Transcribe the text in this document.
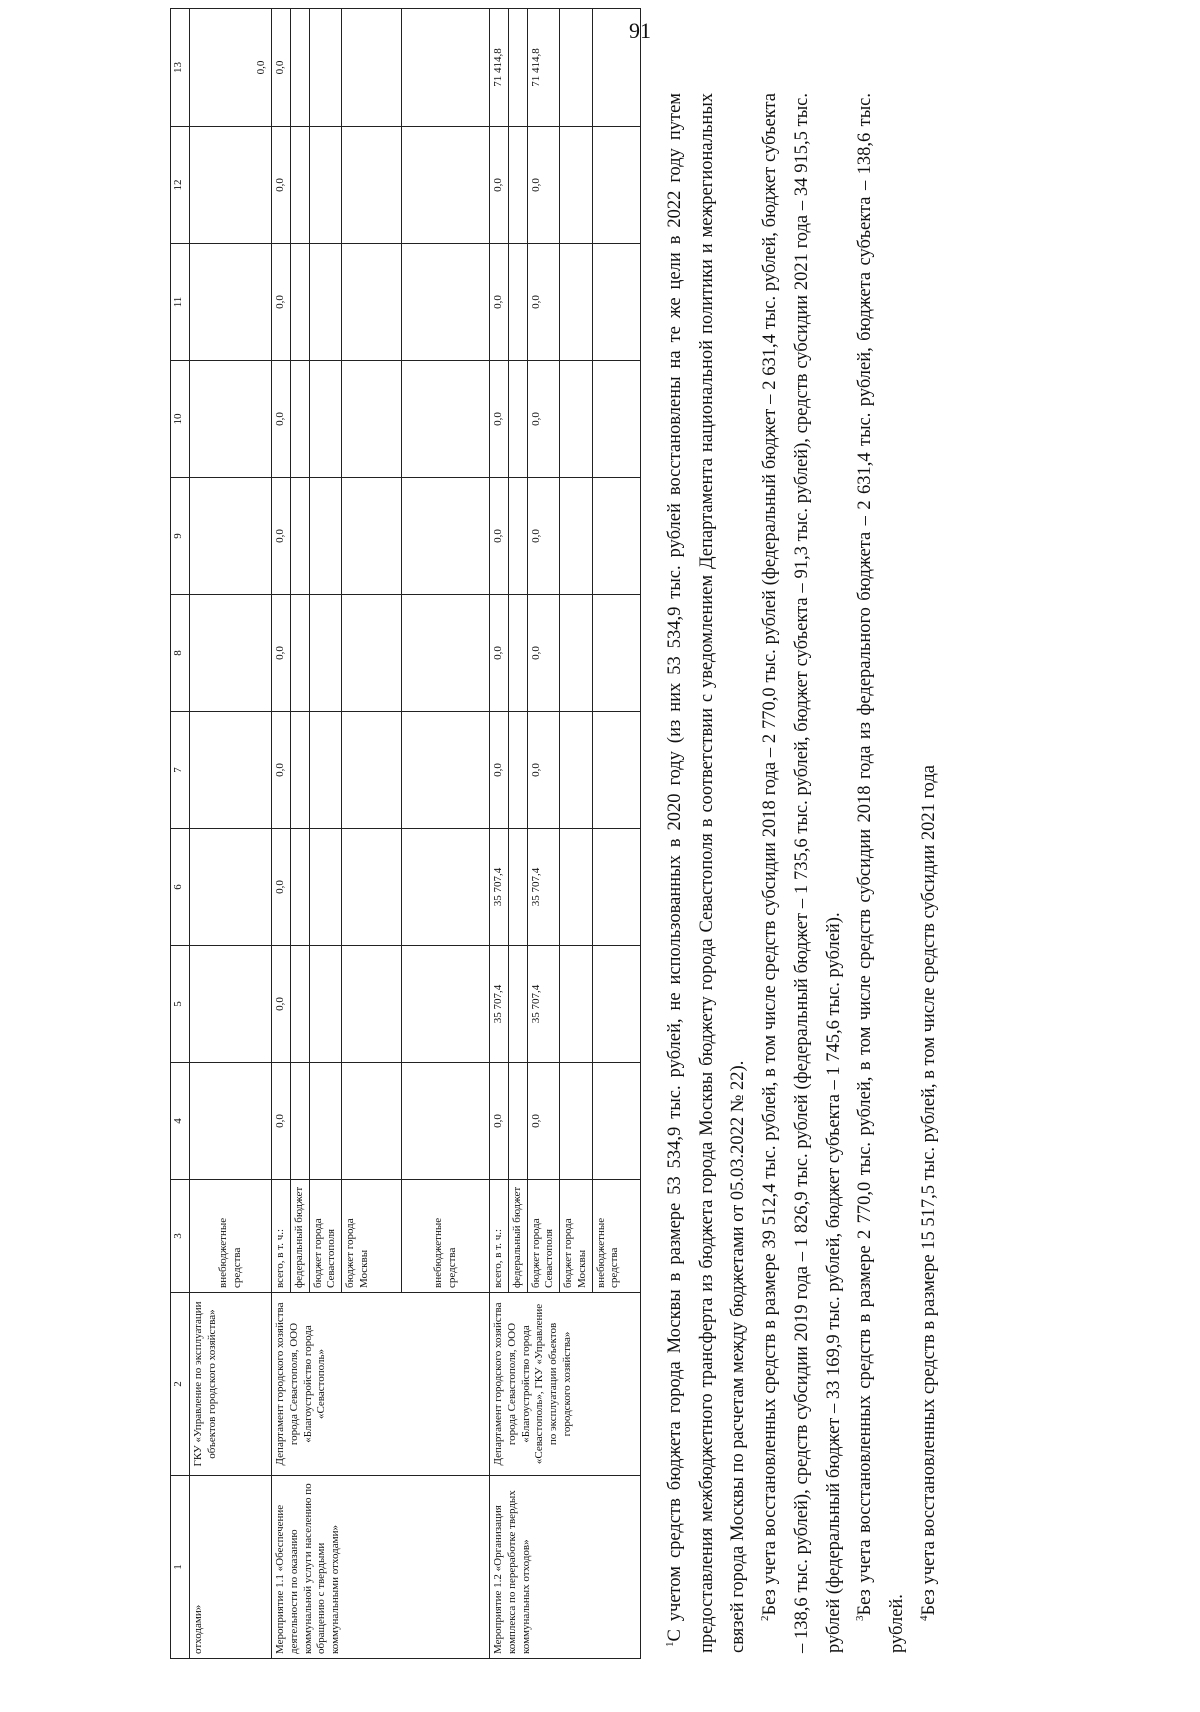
91
1	2	3	4	5	6	7	8	9	10	11	12	13
отходами»	ГКУ «Управление по эксплуатации объектов городского хозяйства»	внебюджетные средства										0,0
Мероприятие 1.1 «Обеспечение деятельности по оказанию коммунальной услуги населению по обращению с твердыми коммунальными отходами»	Департамент городского хозяйства города Севастополя, ООО «Благоустройство города «Севастополь»	всего, в т. ч.:	0,0	0,0	0,0	0,0	0,0	0,0	0,0	0,0	0,0	0,0
		федеральный бюджет										
		бюджет города Севастополя										
		бюджет города Москвы										
		внебюджетные средства										
Мероприятие 1.2 «Организация комплекса по переработке твердых коммунальных отходов»	Департамент городского хозяйства города Севастополя, ООО «Благоустройство города «Севастополь», ГКУ «Управление по эксплуатации объектов городского хозяйства»	всего, в т. ч.:	0,0	35 707,4	35 707,4	0,0	0,0	0,0	0,0	0,0	0,0	71 414,8
		федеральный бюджет										
		бюджет города Севастополя	0,0	35 707,4	35 707,4	0,0	0,0	0,0	0,0	0,0	0,0	71 414,8
		бюджет города Москвы										
		внебюджетные средства										

$^1$С учетом средств бюджета города Москвы в размере 53 534,9 тыс. рублей, не использованных в 2020 году (из них 53 534,9 тыс. рублей восстановлены на те же цели в 2022 году путем предоставления межбюджетного трансферта из бюджета города Москвы бюджету города Севастополя в соответствии с уведомлением Департамента национальной политики и межрегиональных связей города Москвы по расчетам между бюджетами от 05.03.2022 № 22). $^2$Без учета восстановленных средств в размере 39 512,4 тыс. рублей, в том числе средств субсидии 2018 года – 2 770,0 тыс. рублей (федеральный бюджет – 2 631,4 тыс. рублей, бюджет субъекта – 138,6 тыс. рублей), средств субсидии 2019 года – 1 826,9 тыс. рублей (федеральный бюджет – 1 735,6 тыс. рублей, бюджет субъекта – 91,3 тыс. рублей), средств субсидии 2021 года – 34 915,5 тыс. рублей (федеральный бюджет – 33 169,9 тыс. рублей, бюджет субъекта – 1 745,6 тыс. рублей). $^3$Без учета восстановленных средств в размере 2 770,0 тыс. рублей, в том числе средств субсидии 2018 года из федерального бюджета – 2 631,4 тыс. рублей, бюджета субъекта – 138,6 тыс. рублей. $^4$Без учета восстановленных средств в размере 15 517,5 тыс. рублей, в том числе средств субсидии 2021 года
